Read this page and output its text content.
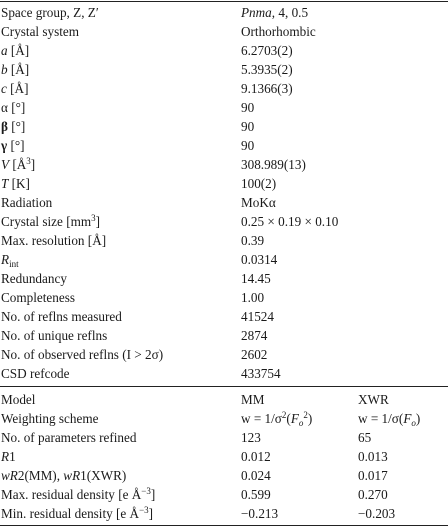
Space group, Z, Z′	Pnma, 4, 0.5
Crystal system	Orthorhombic
a [Å]	6.2703(2)
b [Å]	5.3935(2)
c [Å]	9.1366(3)
α [°]	90
β [°]	90
γ [°]	90
V $[Å^3]$	308.989(13)
T [K]	100(2)
Radiation	MoKα
Crystal size $[mm^3]$	0.25 × 0.19 × 0.10
Max. resolution [Å]	0.39
$R_{int}$	0.0314
Redundancy	14.45
Completeness	1.00
No. of reflns measured	41524
No. of unique reflns	2874
No. of observed reflns (I > 2σ)	2602
CSD refcode	433754
Model	MM	XWR
Weighting scheme	$w = 1/\sigma^2(F_o^2)$	$w = 1/\sigma(F_o)$
No. of parameters refined	123	65
R1	0.012	0.013
wR2(MM), wR1(XWR)	0.024	0.017
Max. residual density [e $Å^{-3}$]	0.599	0.270
Min. residual density [e $Å^{-3}$]	−0.213	−0.203
